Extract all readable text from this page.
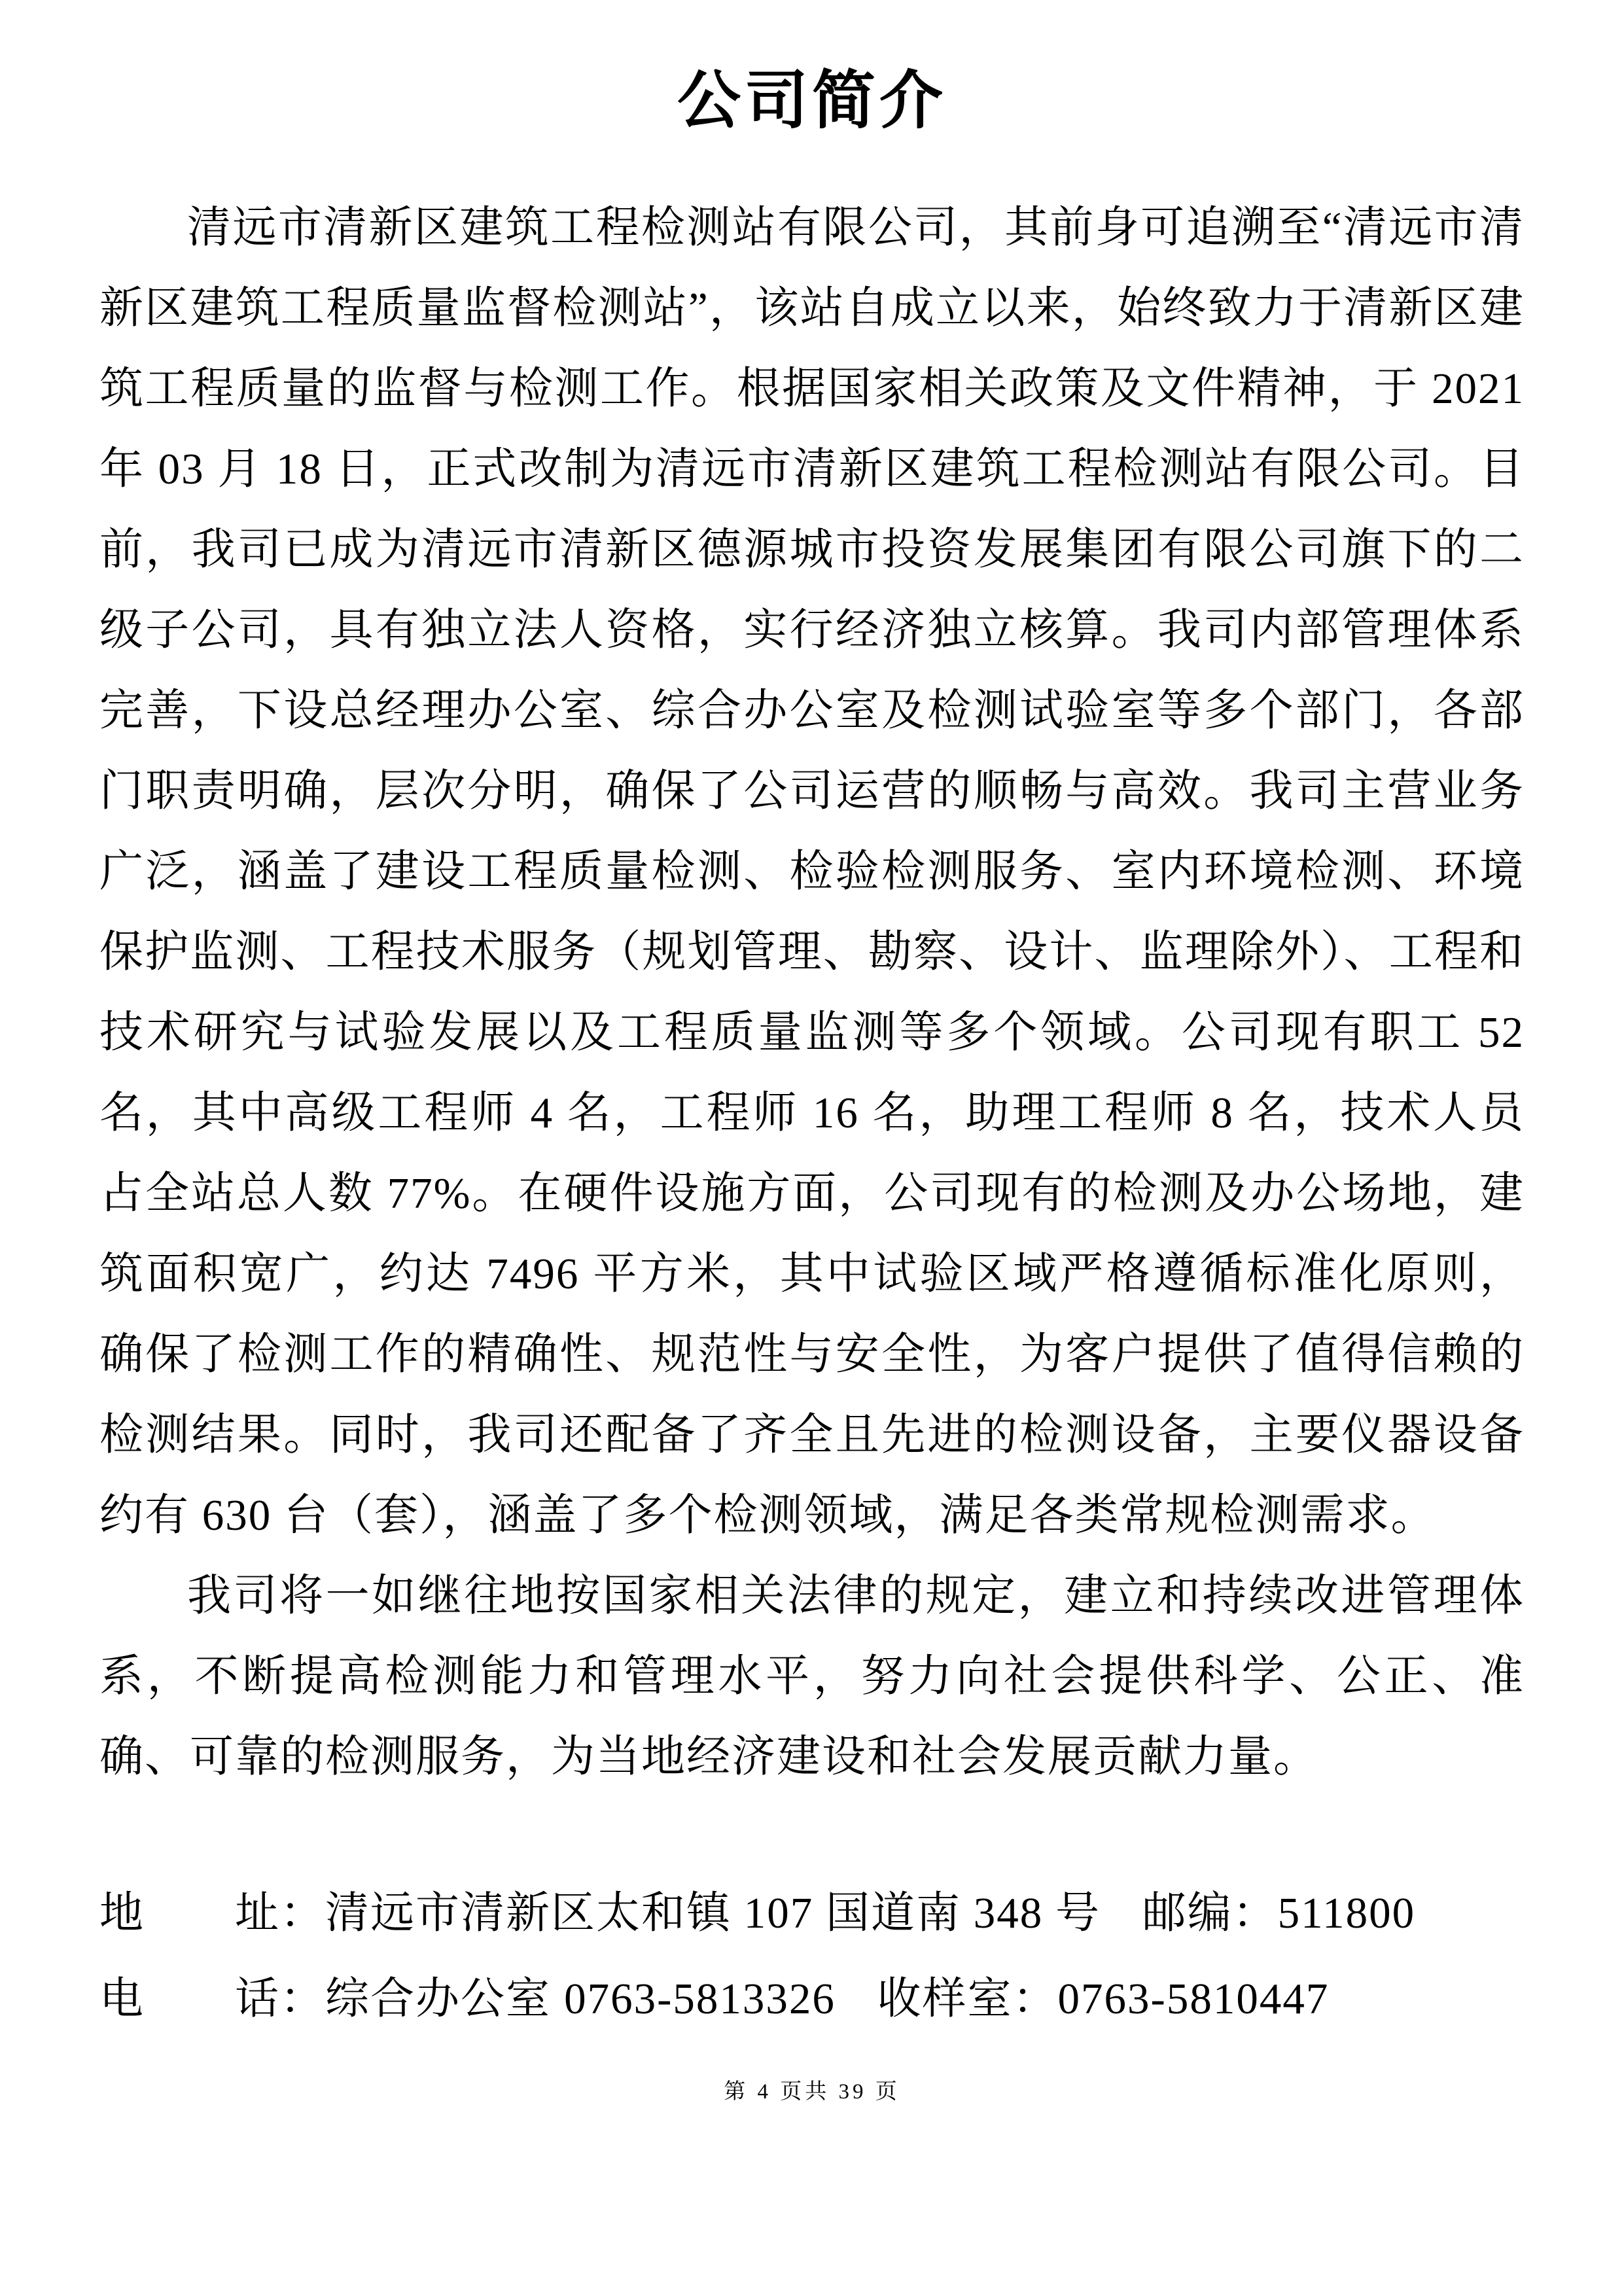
公司简介

清远市清新区建筑工程检测站有限公司，其前身可追溯至“清远市清新区建筑工程质量监督检测站”，该站自成立以来，始终致力于清新区建筑工程质量的监督与检测工作。根据国家相关政策及文件精神，于 2021 年 03 月 18 日，正式改制为清远市清新区建筑工程检测站有限公司。目前，我司已成为清远市清新区德源城市投资发展集团有限公司旗下的二级子公司，具有独立法人资格，实行经济独立核算。我司内部管理体系完善，下设总经理办公室、综合办公室及检测试验室等多个部门，各部门职责明确，层次分明，确保了公司运营的顺畅与高效。我司主营业务广泛，涵盖了建设工程质量检测、检验检测服务、室内环境检测、环境保护监测、工程技术服务（规划管理、勘察、设计、监理除外）、工程和技术研究与试验发展以及工程质量监测等多个领域。公司现有职工 52 名，其中高级工程师 4 名，工程师 16 名，助理工程师 8 名，技术人员占全站总人数 77%。在硬件设施方面，公司现有的检测及办公场地，建筑面积宽广，约达 7496 平方米，其中试验区域严格遵循标准化原则，确保了检测工作的精确性、规范性与安全性，为客户提供了值得信赖的检测结果。同时，我司还配备了齐全且先进的检测设备，主要仪器设备约有 630 台（套），涵盖了多个检测领域，满足各类常规检测需求。

我司将一如继往地按国家相关法律的规定，建立和持续改进管理体系，不断提高检测能力和管理水平，努力向社会提供科学、公正、准确、可靠的检测服务，为当地经济建设和社会发展贡献力量。

地　　址：清远市清新区太和镇 107 国道南 348 号 邮编：511800
电　　话：综合办公室 0763-5813326 收样室：0763-5810447
第 4 页共 39 页
